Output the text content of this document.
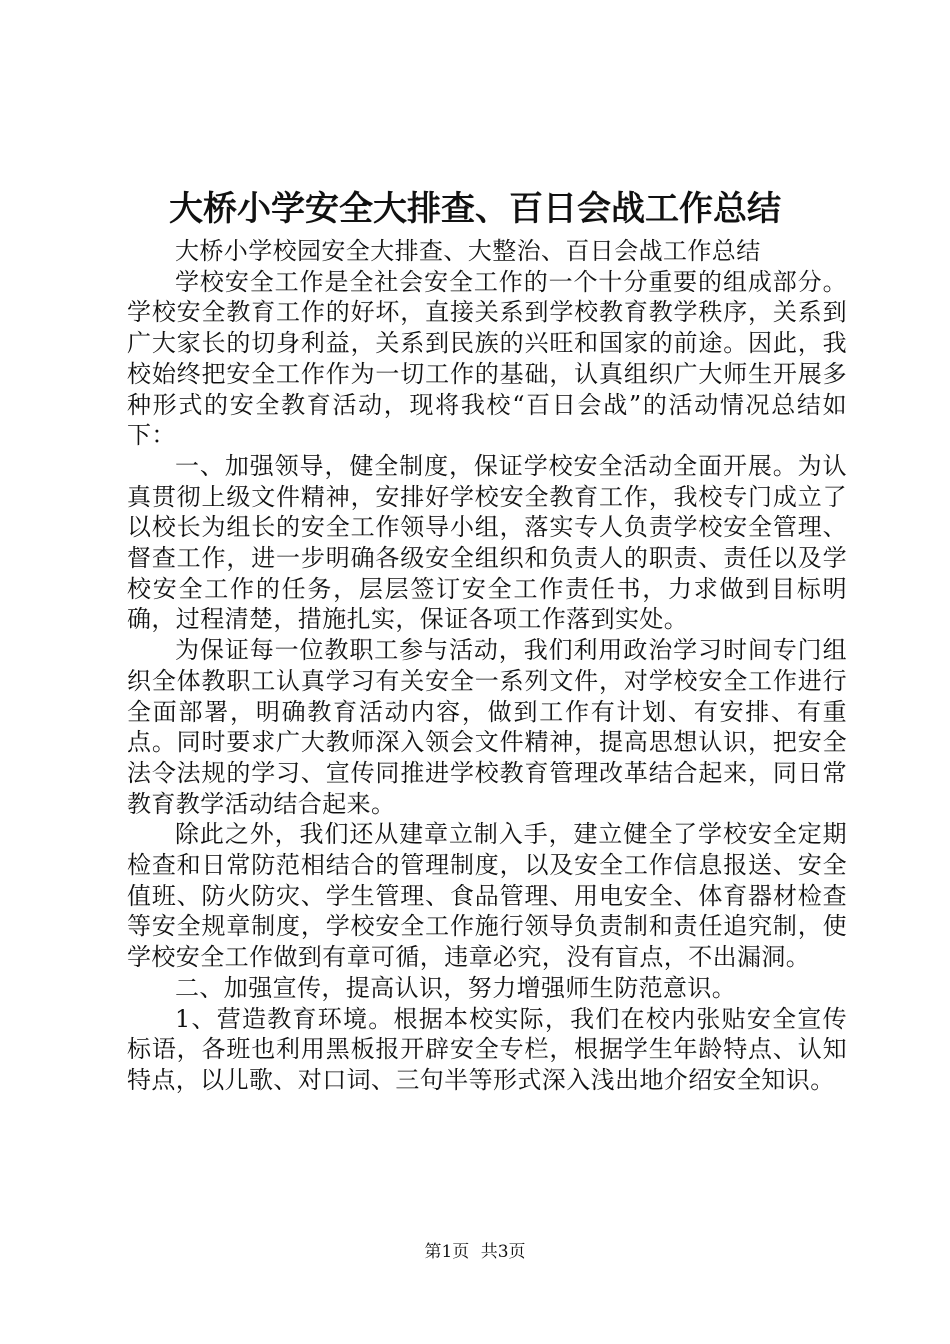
大桥小学安全大排查、百日会战工作总结

大桥小学校园安全大排查、大整治、百日会战工作总结

学校安全工作是全社会安全工作的一个十分重要的组成部分。学校安全教育工作的好坏，直接关系到学校教育教学秩序，关系到广大家长的切身利益，关系到民族的兴旺和国家的前途。因此，我校始终把安全工作作为一切工作的基础，认真组织广大师生开展多种形式的安全教育活动，现将我校“百日会战”的活动情况总结如下：

一、加强领导，健全制度，保证学校安全活动全面开展。为认真贯彻上级文件精神，安排好学校安全教育工作，我校专门成立了以校长为组长的安全工作领导小组，落实专人负责学校安全管理、督查工作，进一步明确各级安全组织和负责人的职责、责任以及学校安全工作的任务，层层签订安全工作责任书，力求做到目标明确，过程清楚，措施扎实，保证各项工作落到实处。

为保证每一位教职工参与活动，我们利用政治学习时间专门组织全体教职工认真学习有关安全一系列文件，对学校安全工作进行全面部署，明确教育活动内容，做到工作有计划、有安排、有重点。同时要求广大教师深入领会文件精神，提高思想认识，把安全法令法规的学习、宣传同推进学校教育管理改革结合起来，同日常教育教学活动结合起来。

除此之外，我们还从建章立制入手，建立健全了学校安全定期检查和日常防范相结合的管理制度，以及安全工作信息报送、安全值班、防火防灾、学生管理、食品管理、用电安全、体育器材检查等安全规章制度，学校安全工作施行领导负责制和责任追究制，使学校安全工作做到有章可循，违章必究，没有盲点，不出漏洞。

二、加强宣传，提高认识，努力增强师生防范意识。

1、营造教育环境。根据本校实际，我们在校内张贴安全宣传标语，各班也利用黑板报开辟安全专栏，根据学生年龄特点、认知特点，以儿歌、对口词、三句半等形式深入浅出地介绍安全知识。

第1页 共3页
